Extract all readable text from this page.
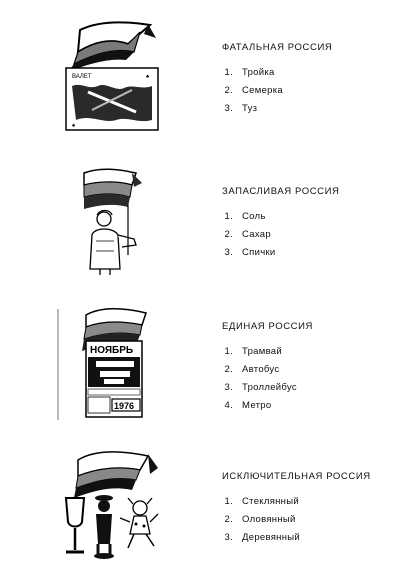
ВАЛЕТ	♠
♠

ФАТАЛЬНАЯ РОССИЯ

1. Тройка
2. Семерка
3. Туз

ЗАПАСЛИВАЯ РОССИЯ

1. Соль
2. Сахар
3. Спички
НОЯБРЬ
1976

ЕДИНАЯ РОССИЯ

1. Трамвай
2. Автобус
3. Троллейбус
4. Метро

ИСКЛЮЧИТЕЛЬНАЯ РОССИЯ

1. Стеклянный
2. Оловянный
3. Деревянный
